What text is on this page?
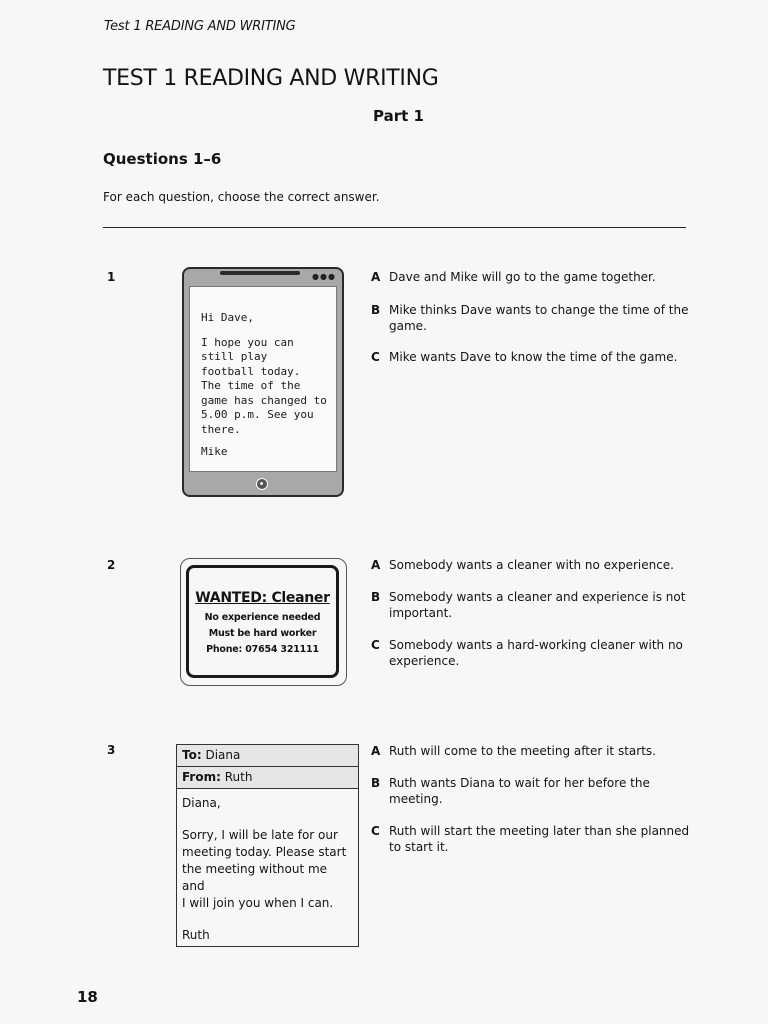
Test 1 READING AND WRITING
TEST 1 READING AND WRITING
Part 1
Questions 1–6
For each question, choose the correct answer.
1	●●●
Hi Dave,
I hope you can
still play
football today.
The time of the
game has changed to
5.00 p.m. See you
there.
Mike
A Dave and Mike will go to the game together.
B Mike thinks Dave wants to change the time of the game.
C Mike wants Dave to know the time of the game.
2
WANTED: Cleaner
No experience needed
Must be hard worker
Phone: 07654 321111
A Somebody wants a cleaner with no experience.
B Somebody wants a cleaner and experience is not important.
C Somebody wants a hard-working cleaner with no experience.
3	To: Diana
From: Ruth

Diana,

Sorry, I will be late for our
meeting today. Please start
the meeting without me and
I will join you when I can.

Ruth

A Ruth will come to the meeting after it starts.
B Ruth wants Diana to wait for her before the meeting.
C Ruth will start the meeting later than she planned to start it.
18
